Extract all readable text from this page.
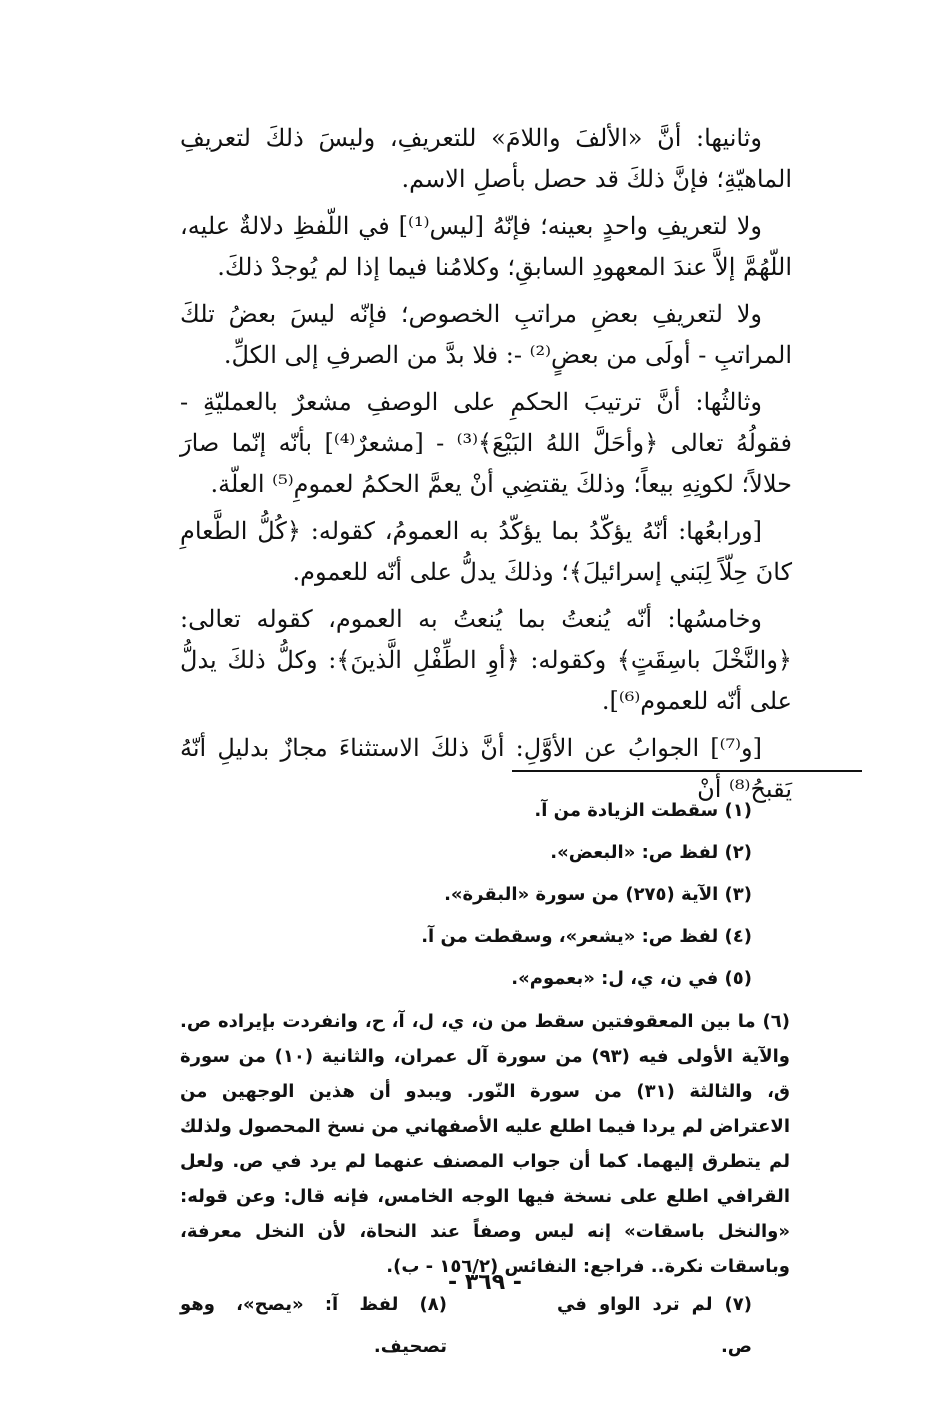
وثانيها: أنَّ «الألفَ واللامَ» للتعريفِ، وليسَ ذلكَ لتعريفِ الماهيّةِ؛ فإنَّ ذلكَ قد حصل بأصلِ الاسم.

ولا لتعريفِ واحدٍ بعينه؛ فإنّهُ [ليس⁽¹⁾] في اللّفظِ دلالةٌ عليه، اللّهُمَّ إلاَّ عندَ المعهودِ السابقِ؛ وكلامُنا فيما إذا لم يُوجدْ ذلكَ.

ولا لتعريفِ بعضِ مراتبِ الخصوص؛ فإنّه ليسَ بعضُ تلكَ المراتبِ - أولَى من بعضٍ⁽²⁾ -: فلا بدَّ من الصرفِ إلى الكلِّ.

وثالثُها: أنَّ ترتيبَ الحكمِ على الوصفِ مشعرٌ بالعمليّةِ - فقولُهُ تعالى ﴿وأحَلَّ اللهُ البَيْعَ﴾⁽³⁾ - [مشعرٌ⁽⁴⁾] بأنّه إنّما صارَ حلالاً؛ لكونِهِ بيعاً؛ وذلكَ يقتضِي أنْ يعمَّ الحكمُ لعمومِ⁽⁵⁾ العلّة.

[ورابعُها: أنّهُ يؤكّدُ بما يؤكّدُ به العمومُ، كقوله: ﴿كُلُّ الطَّعامِ كانَ حِلّاً لِبَني إسرائيلَ﴾؛ وذلكَ يدلُّ على أنّه للعموم.

وخامسُها: أنّه يُنعتُ بما يُنعتُ به العموم، كقوله تعالى: ﴿والنَّخْلَ باسِقَتٍ﴾ وكقوله: ﴿أوِ الطِّفْلِ الَّذينَ﴾: وكلُّ ذلكَ يدلُّ على أنّه للعموم⁽⁶⁾].

[و⁽⁷⁾] الجوابُ عن الأوَّلِ: أنَّ ذلكَ الاستثناءَ مجازٌ بدليلِ أنّهُ يَقبحُ⁽⁸⁾ أنْ

(١) سقطت الزيادة من آ.

(٢) لفظ ص: «البعض».

(٣) الآية (٢٧٥) من سورة «البقرة».

(٤) لفظ ص: «يشعر»، وسقطت من آ.

(٥) في ن، ي، ل: «بعموم».

(٦) ما بين المعقوفتين سقط من ن، ي، ل، آ، ح، وانفردت بإيراده ص. والآية الأولى فيه (٩٣) من سورة آل عمران، والثانية (١٠) من سورة ق، والثالثة (٣١) من سورة النّور. ويبدو أن هذين الوجهين من الاعتراض لم يردا فيما اطلع عليه الأصفهاني من نسخ المحصول ولذلك لم يتطرق إليهما. كما أن جواب المصنف عنهما لم يرد في ص. ولعل القرافي اطلع على نسخة فيها الوجه الخامس، فإنه قال: وعن قوله: «والنخل باسقات» إنه ليس وصفاً عند النحاة، لأن النخل معرفة، وباسقات نكرة.. فراجع: النفائس (١٥٦/٢ - ب).

(٧) لم ترد الواو في ص.
(٨) لفظ آ: «يصح»، وهو تصحيف.
- ٣٦٩ -
